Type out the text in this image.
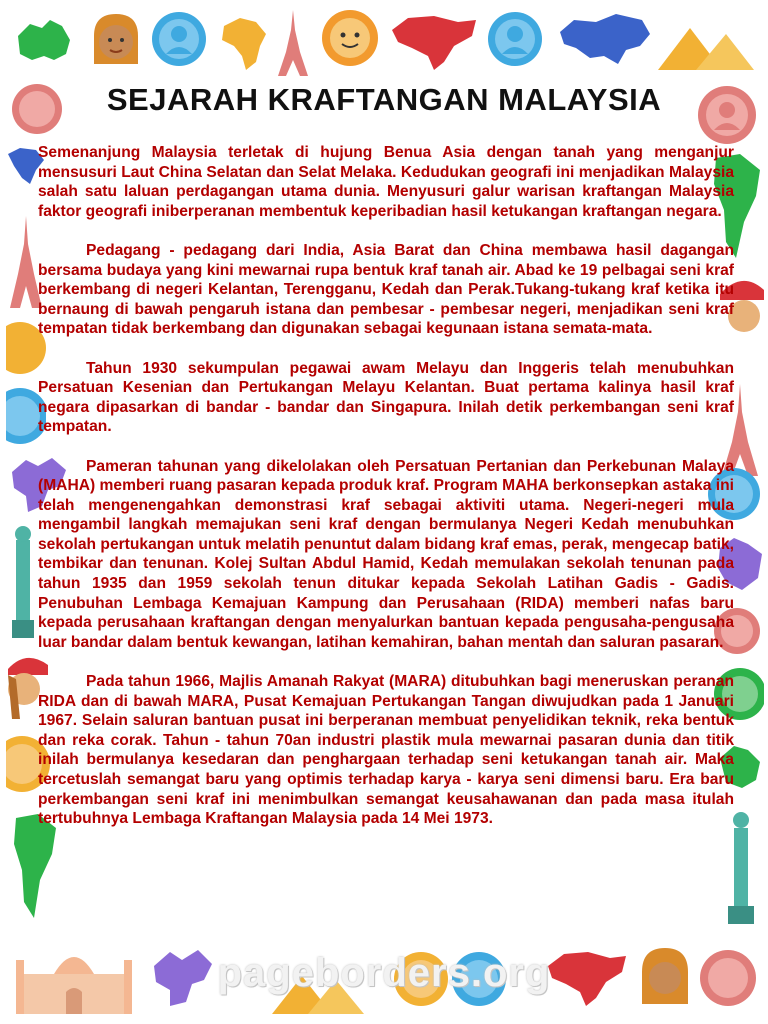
SEJARAH KRAFTANGAN MALAYSIA

Semenanjung Malaysia terletak di hujung Benua Asia dengan tanah yang menganjur mensusuri Laut China Selatan dan Selat Melaka. Kedudukan geografi ini menjadikan Malaysia salah satu laluan perdagangan utama dunia. Menyusuri galur warisan kraftangan Malaysia faktor geografi iniberperanan membentuk keperibadian hasil ketukangan kraftangan negara.

Pedagang - pedagang dari India, Asia Barat dan China membawa hasil dagangan bersama budaya yang kini mewarnai rupa bentuk kraf tanah air. Abad ke 19 pelbagai seni kraf berkembang di negeri Kelantan, Terengganu, Kedah dan Perak.Tukang-tukang kraf ketika itu bernaung di bawah pengaruh istana dan pembesar - pembesar negeri, menjadikan seni kraf tempatan tidak berkembang dan digunakan sebagai kegunaan istana semata-mata.

Tahun 1930 sekumpulan pegawai awam Melayu dan Inggeris telah menubuhkan Persatuan Kesenian dan Pertukangan Melayu Kelantan. Buat pertama kalinya hasil kraf negara dipasarkan di bandar - bandar dan Singapura. Inilah detik perkembangan seni kraf tempatan.

Pameran tahunan yang dikelolakan oleh Persatuan Pertanian dan Perkebunan Malaya (MAHA) memberi ruang pasaran kepada produk kraf. Program MAHA berkonsepkan astaka ini telah mengenengahkan demonstrasi kraf sebagai aktiviti utama. Negeri-negeri mula mengambil langkah memajukan seni kraf dengan bermulanya Negeri Kedah menubuhkan sekolah pertukangan untuk melatih penuntut dalam bidang kraf emas, perak, mengecap batik, tembikar dan tenunan. Kolej Sultan Abdul Hamid, Kedah memulakan sekolah tenunan pada tahun 1935 dan 1959 sekolah tenun ditukar kepada Sekolah Latihan Gadis - Gadis. Penubuhan Lembaga Kemajuan Kampung dan Perusahaan (RIDA) memberi nafas baru kepada perusahaan kraftangan dengan menyalurkan bantuan kepada pengusaha-pengusaha luar bandar dalam bentuk kewangan, latihan kemahiran, bahan mentah dan saluran pasaran.

Pada tahun 1966, Majlis Amanah Rakyat (MARA) ditubuhkan bagi meneruskan peranan RIDA dan di bawah MARA, Pusat Kemajuan Pertukangan Tangan diwujudkan pada 1 Januari 1967. Selain saluran bantuan pusat ini berperanan membuat penyelidikan teknik, reka bentuk dan reka corak. Tahun - tahun 70an industri plastik mula mewarnai pasaran dunia dan titik inilah bermulanya kesedaran dan penghargaan terhadap seni ketukangan tanah air. Maka tercetuslah semangat baru yang optimis terhadap karya - karya seni dimensi baru. Era baru perkembangan seni kraf ini menimbulkan semangat keusahawanan dan pada masa itulah tertubuhnya Lembaga Kraftangan Malaysia pada 14 Mei 1973.

pageborders.org
